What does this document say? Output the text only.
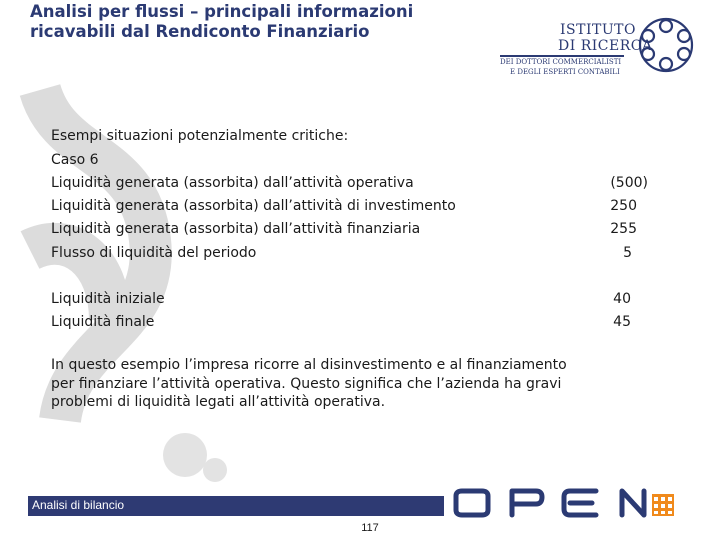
Analisi per flussi – principali informazioni
ricavabili dal Rendiconto Finanziario	ISTITUTO
DI RICERCA
DEI DOTTORI COMMERCIALISTI
E DEGLI ESPERTI CONTABILI
Esempi situazioni potenzialmente critiche:
Caso 6
Liquidità generata (assorbita) dall’attività operativa	(500)
Liquidità generata (assorbita) dall’attività di investimento	250
Liquidità generata (assorbita) dall’attività finanziaria	255
Flusso di liquidità del periodo	5
Liquidità iniziale	40
Liquidità finale	45
In questo esempio l’impresa ricorre al disinvestimento e al finanziamento
per finanziare l’attività operativa. Questo significa che l’azienda ha gravi
problemi di liquidità legati all’attività operativa.
Analisi di bilancio
117
